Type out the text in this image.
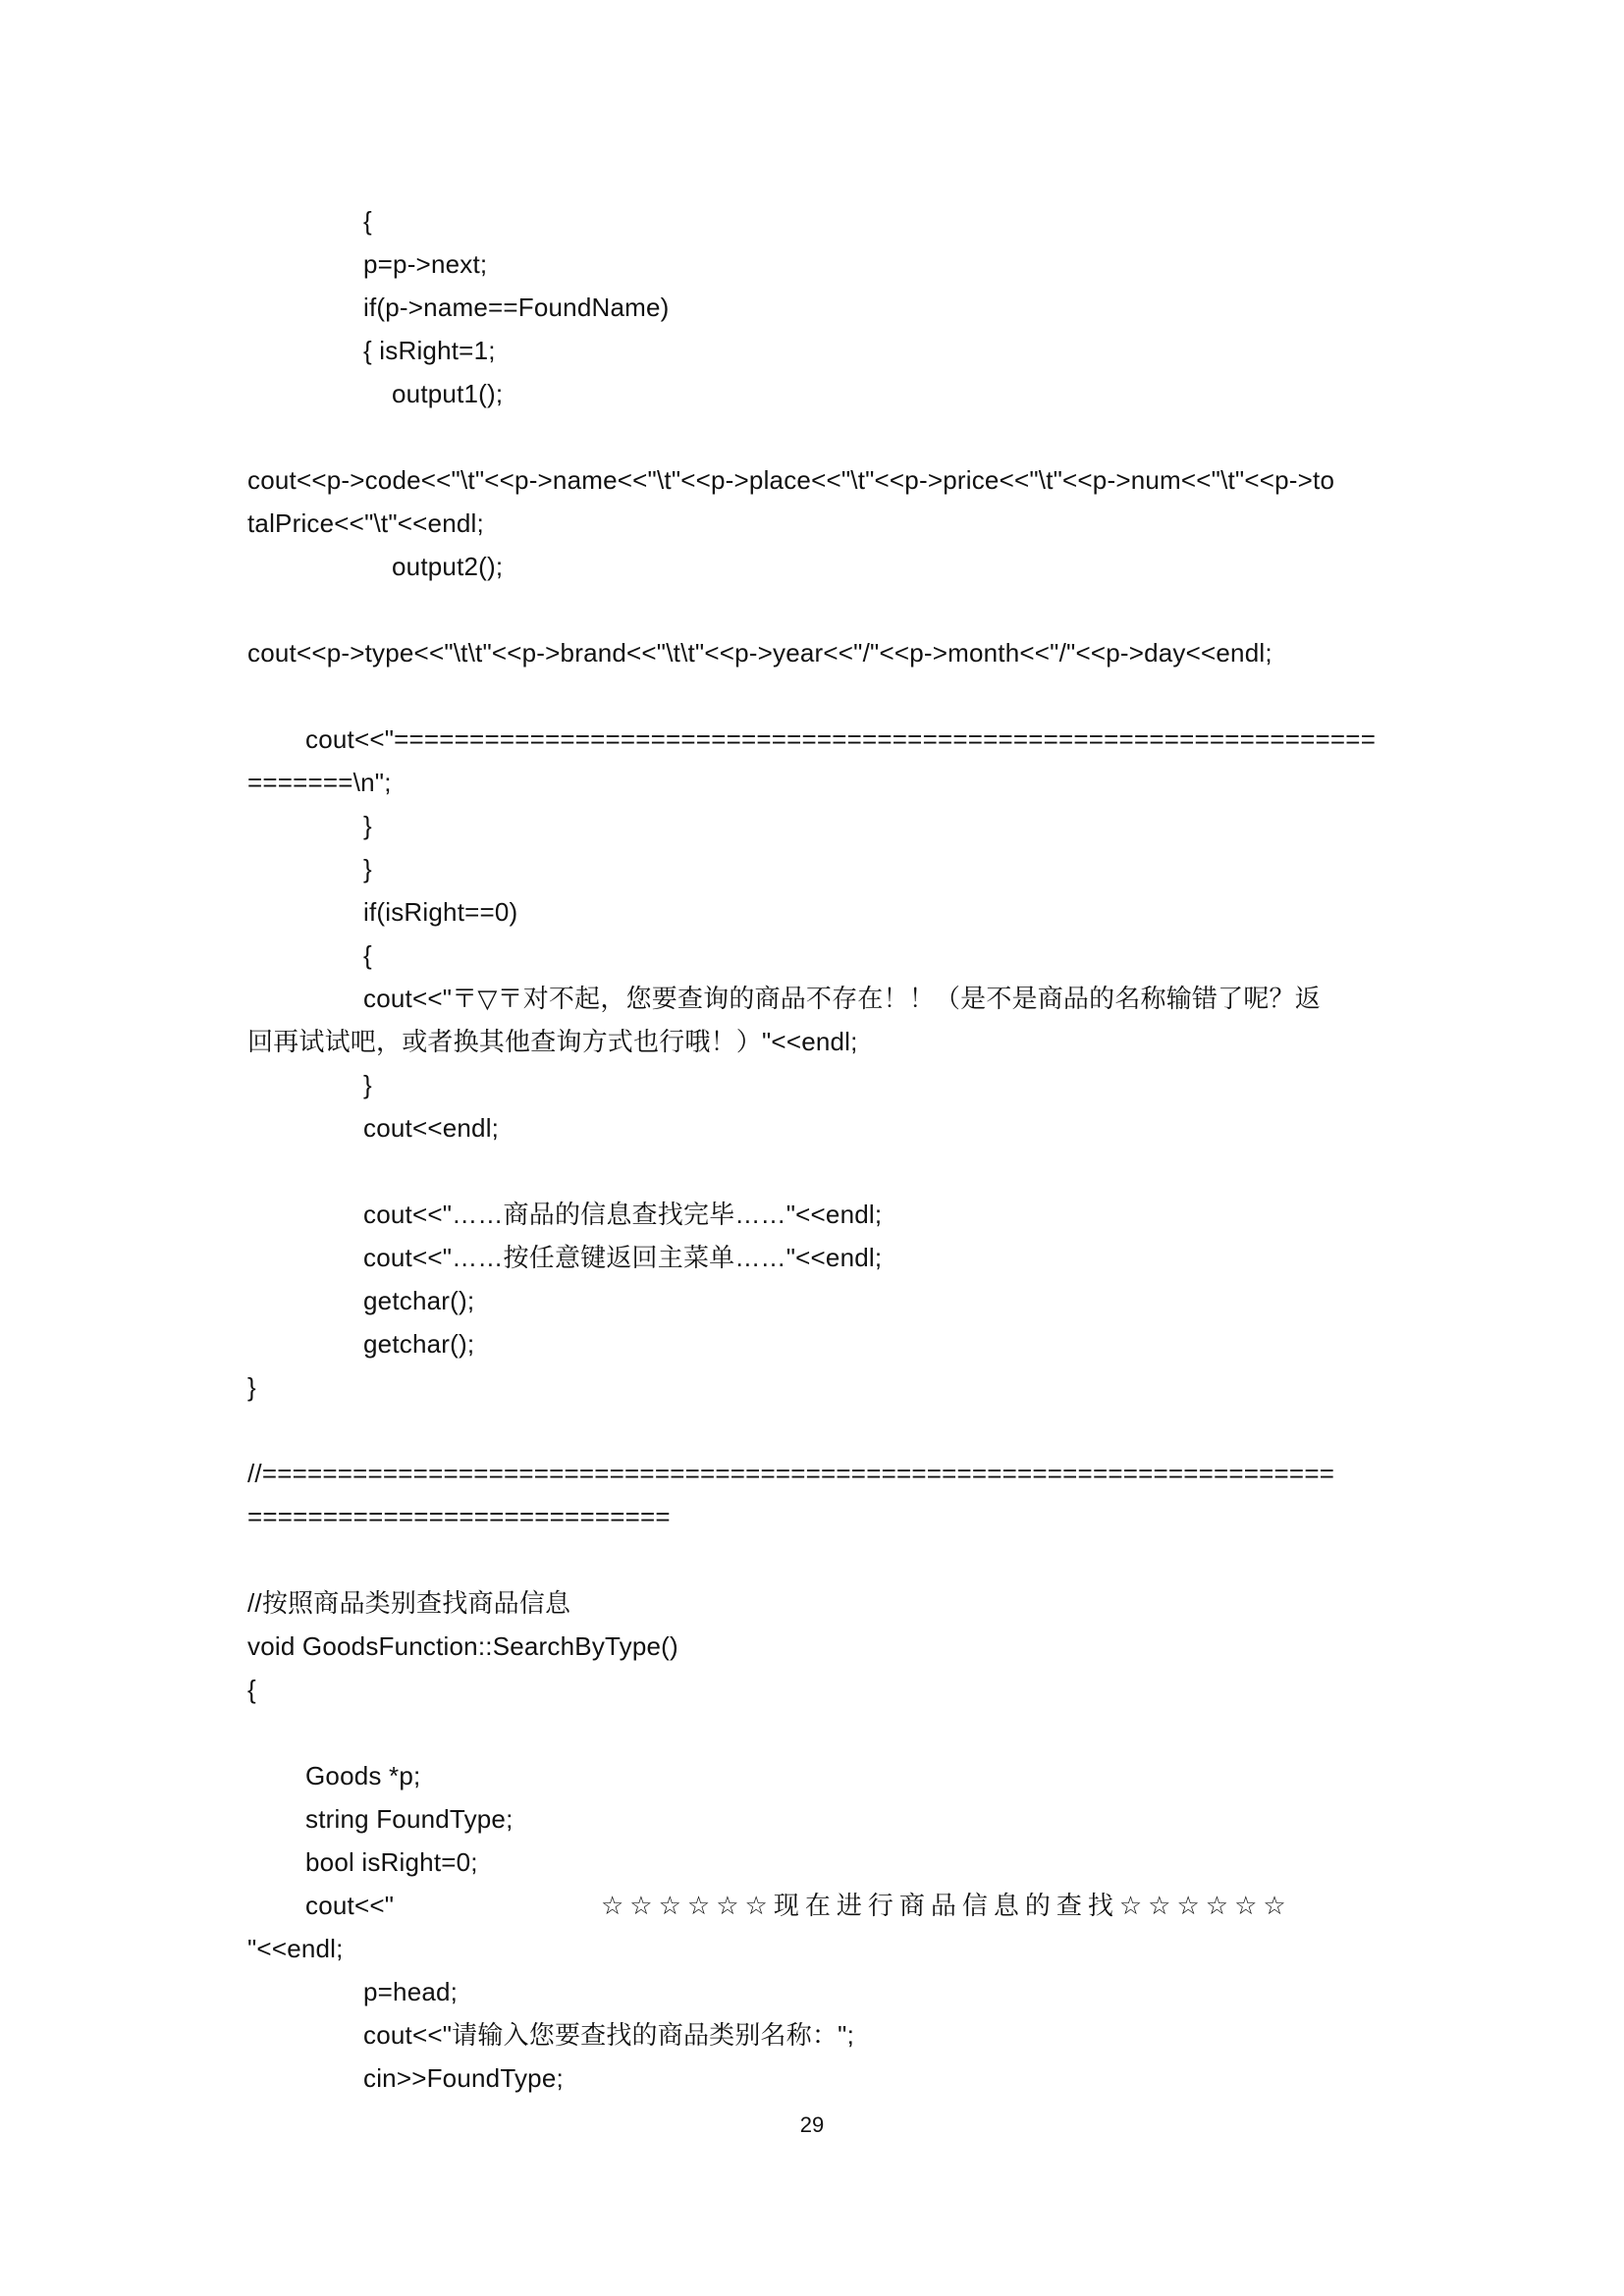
{
p=p->next;
if(p->name==FoundName)
{ isRight=1;
output1();
cout<<p->code<<"\t"<<p->name<<"\t"<<p->place<<"\t"<<p->price<<"\t"<<p->num<<"\t"<<p->to
talPrice<<"\t"<<endl;
output2();
cout<<p->type<<"\t\t"<<p->brand<<"\t\t"<<p->year<<"/"<<p->month<<"/"<<p->day<<endl;
cout<<"=================================================================
=======\n";
}
}
if(isRight==0)
{
cout<<"〒▽〒对不起，您要查询的商品不存在！！（是不是商品的名称输错了呢？返
回再试试吧，或者换其他查询方式也行哦！）"<<endl;
}
cout<<endl;
cout<<"……商品的信息查找完毕……"<<endl;
cout<<"……按任意键返回主菜单……"<<endl;
getchar();
getchar();
}
//=======================================================================
============================
//按照商品类别查找商品信息
void GoodsFunction::SearchByType()
{
Goods *p;
string FoundType;
bool isRight=0;
cout<<"	☆☆☆☆☆☆现在进行商品信息的查找☆☆☆☆☆☆
"<<endl;
p=head;
cout<<"请输入您要查找的商品类别名称：";
cin>>FoundType;
29
